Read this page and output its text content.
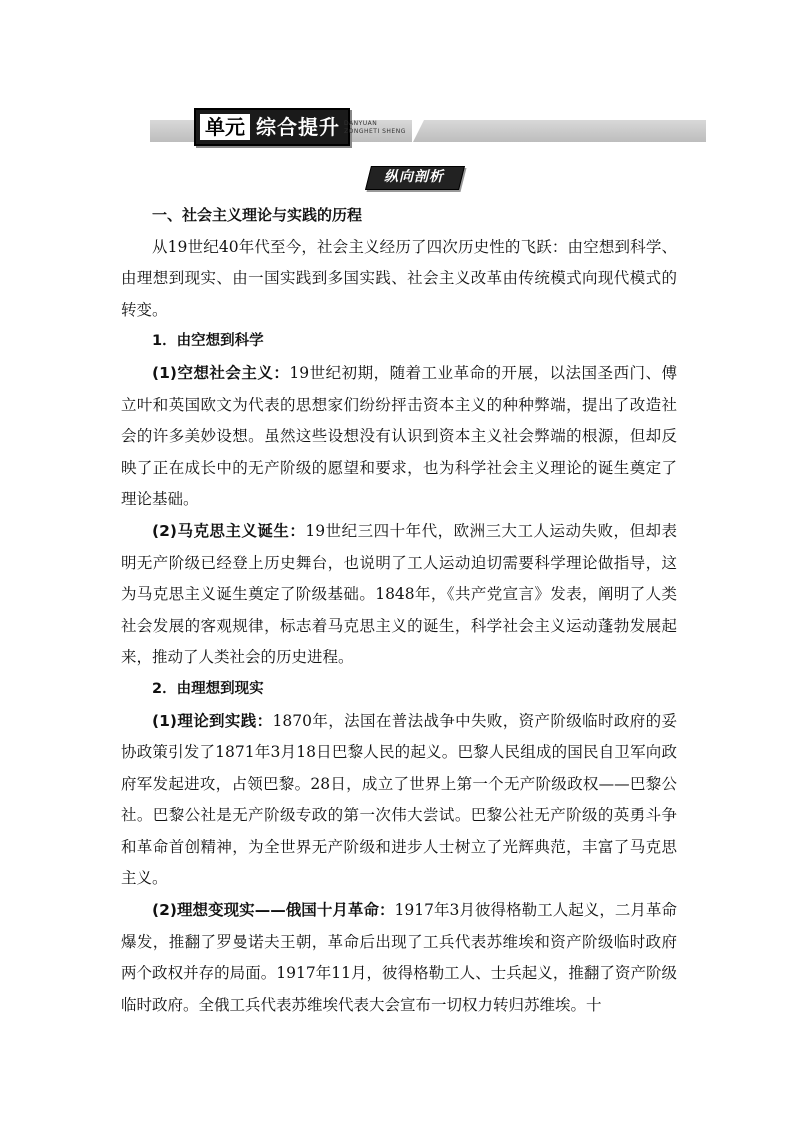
单元 综合提升 DANYUAN
ZONGHETI SHENG
纵向剖析

一、社会主义理论与实践的历程

从19世纪40年代至今，社会主义经历了四次历史性的飞跃：由空想到科学、由理想到现实、由一国实践到多国实践、社会主义改革由传统模式向现代模式的转变。

1．由空想到科学

(1)空想社会主义：19世纪初期，随着工业革命的开展，以法国圣西门、傅立叶和英国欧文为代表的思想家们纷纷抨击资本主义的种种弊端，提出了改造社会的许多美妙设想。虽然这些设想没有认识到资本主义社会弊端的根源，但却反映了正在成长中的无产阶级的愿望和要求，也为科学社会主义理论的诞生奠定了理论基础。

(2)马克思主义诞生：19世纪三四十年代，欧洲三大工人运动失败，但却表明无产阶级已经登上历史舞台，也说明了工人运动迫切需要科学理论做指导，这为马克思主义诞生奠定了阶级基础。1848年，《共产党宣言》发表，阐明了人类社会发展的客观规律，标志着马克思主义的诞生，科学社会主义运动蓬勃发展起来，推动了人类社会的历史进程。

2．由理想到现实

(1)理论到实践：1870年，法国在普法战争中失败，资产阶级临时政府的妥协政策引发了1871年3月18日巴黎人民的起义。巴黎人民组成的国民自卫军向政府军发起进攻，占领巴黎。28日，成立了世界上第一个无产阶级政权——巴黎公社。巴黎公社是无产阶级专政的第一次伟大尝试。巴黎公社无产阶级的英勇斗争和革命首创精神，为全世界无产阶级和进步人士树立了光辉典范，丰富了马克思主义。

(2)理想变现实——俄国十月革命：1917年3月彼得格勒工人起义，二月革命爆发，推翻了罗曼诺夫王朝，革命后出现了工兵代表苏维埃和资产阶级临时政府两个政权并存的局面。1917年11月，彼得格勒工人、士兵起义，推翻了资产阶级临时政府。全俄工兵代表苏维埃代表大会宣布一切权力转归苏维埃。十
